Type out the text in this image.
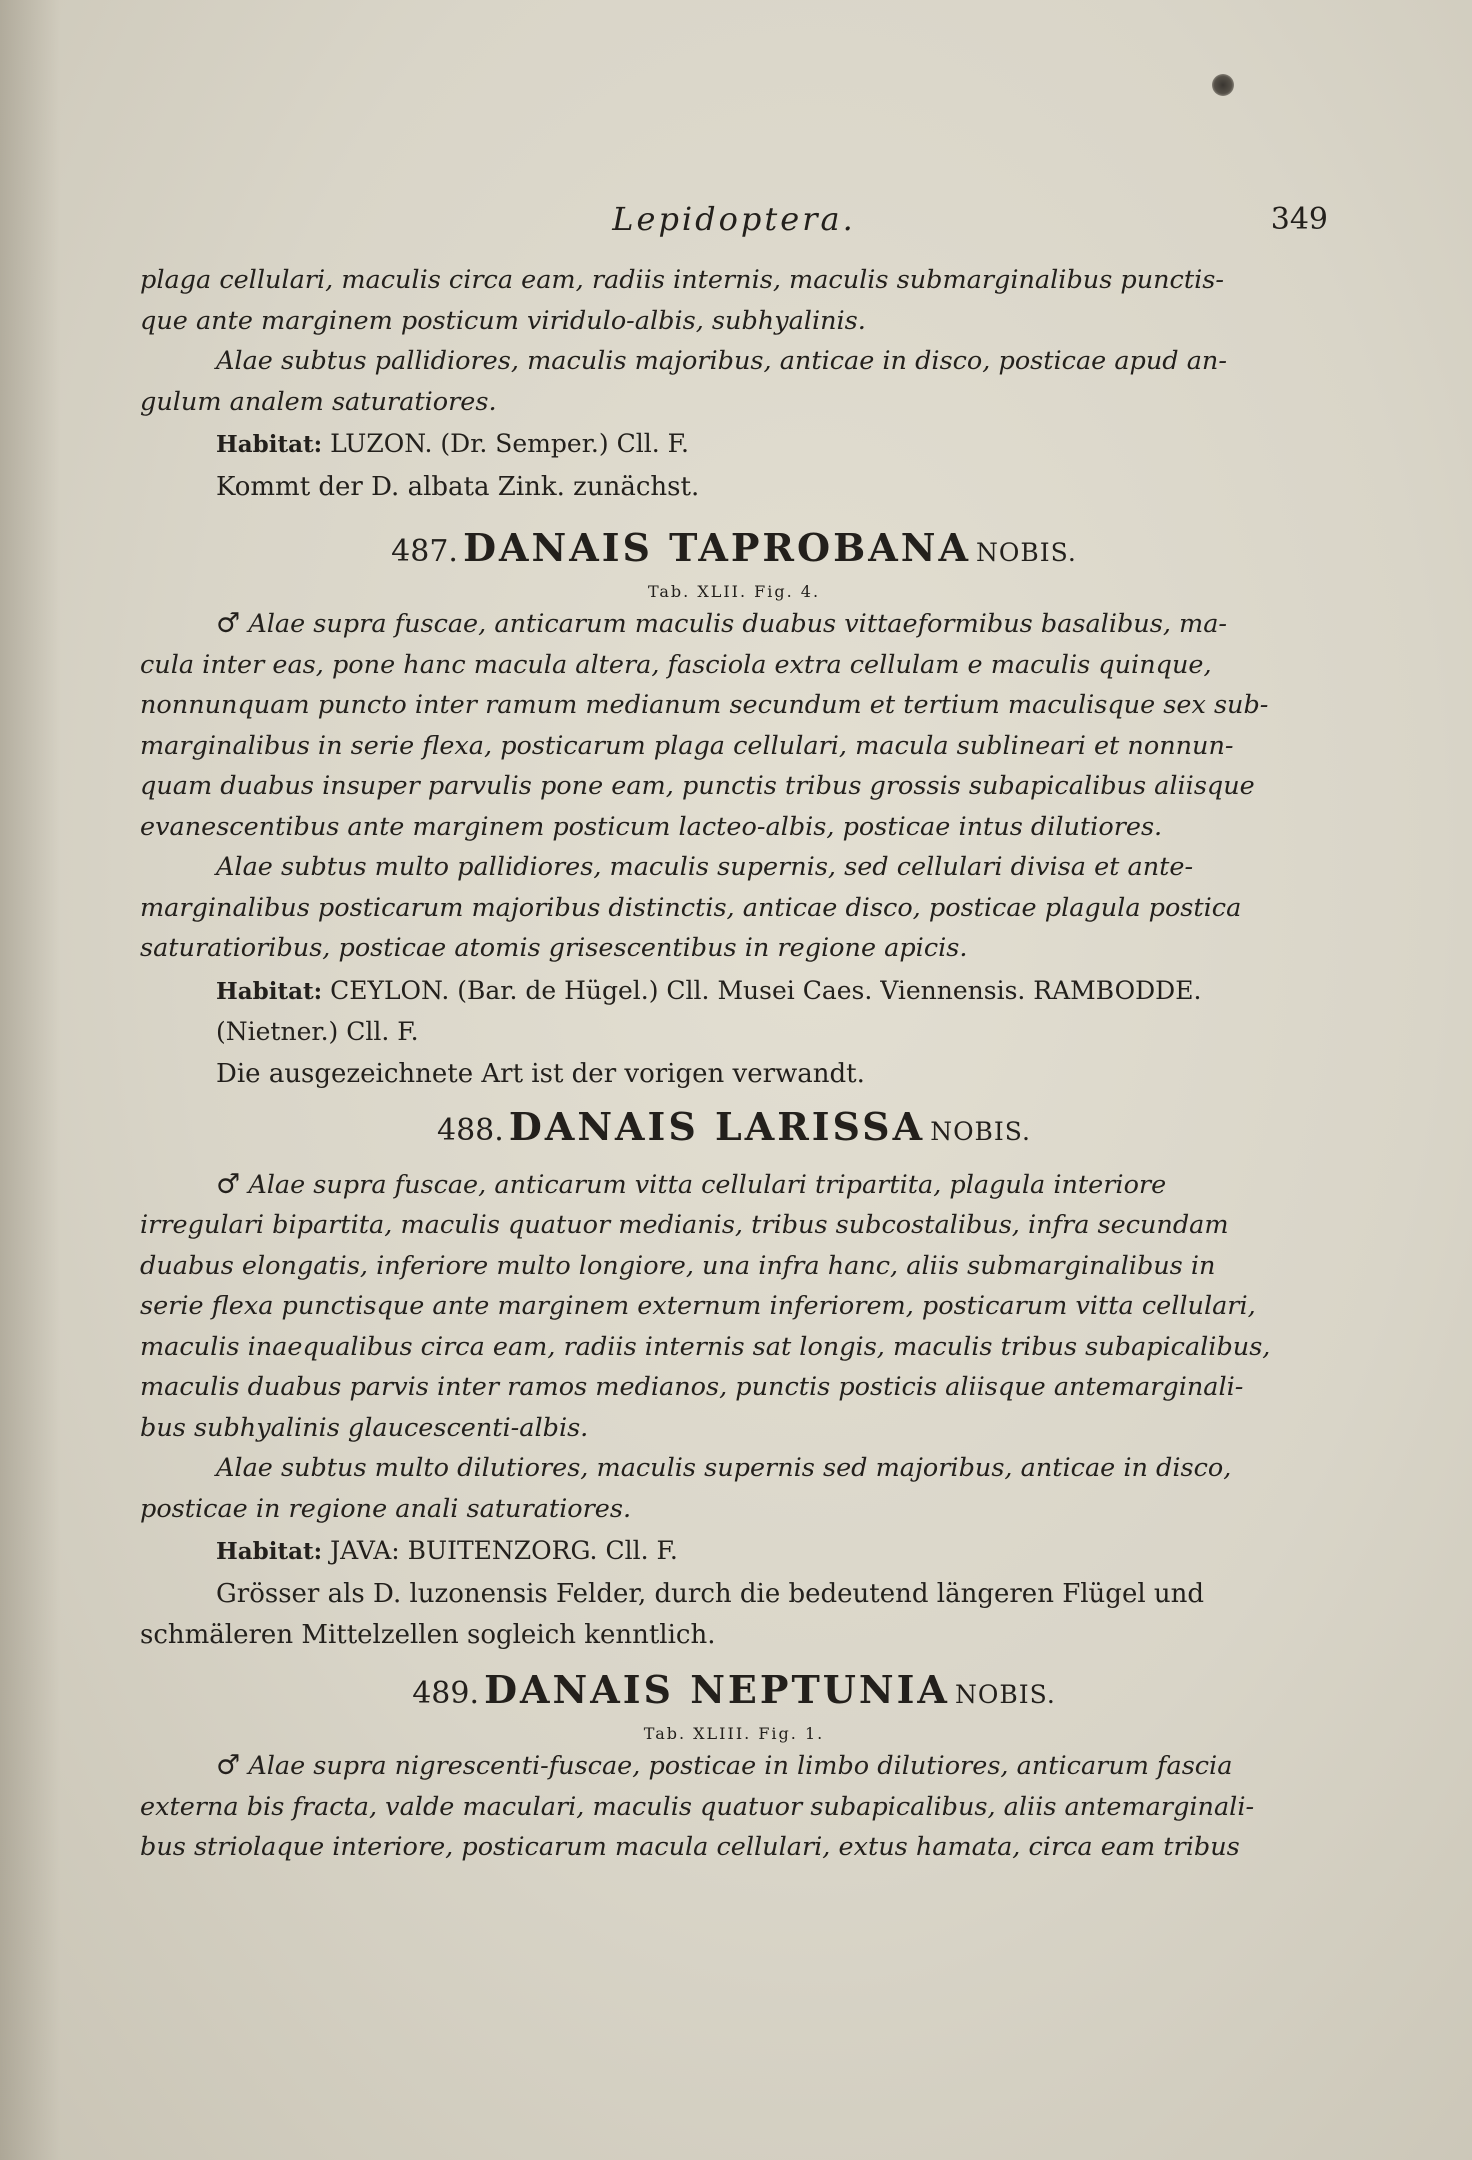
Lepidoptera.	349

plaga cellulari, maculis circa eam, radiis internis, maculis submarginalibus punctis-
que ante marginem posticum viridulo-albis, subhyalinis.

Alae subtus pallidiores, maculis majoribus, anticae in disco, posticae apud an-
gulum analem saturatiores.

Habitat: LUZON. (Dr. Semper.) Cll. F.

Kommt der D. albata Zink. zunächst.

487. DANAIS TAPROBANA NOBIS.
Tab. XLII. Fig. 4.

♂ Alae supra fuscae, anticarum maculis duabus vittaeformibus basalibus, ma-
cula inter eas, pone hanc macula altera, fasciola extra cellulam e maculis quinque,
nonnunquam puncto inter ramum medianum secundum et tertium maculisque sex sub-
marginalibus in serie flexa, posticarum plaga cellulari, macula sublineari et nonnun-
quam duabus insuper parvulis pone eam, punctis tribus grossis subapicalibus aliisque
evanescentibus ante marginem posticum lacteo-albis, posticae intus dilutiores.

Alae subtus multo pallidiores, maculis supernis, sed cellulari divisa et ante-
marginalibus posticarum majoribus distinctis, anticae disco, posticae plagula postica
saturatioribus, posticae atomis grisescentibus in regione apicis.

Habitat: CEYLON. (Bar. de Hügel.) Cll. Musei Caes. Viennensis. RAMBODDE.
(Nietner.) Cll. F.

Die ausgezeichnete Art ist der vorigen verwandt.

488. DANAIS LARISSA NOBIS.

♂ Alae supra fuscae, anticarum vitta cellulari tripartita, plagula interiore
irregulari bipartita, maculis quatuor medianis, tribus subcostalibus, infra secundam
duabus elongatis, inferiore multo longiore, una infra hanc, aliis submarginalibus in
serie flexa punctisque ante marginem externum inferiorem, posticarum vitta cellulari,
maculis inaequalibus circa eam, radiis internis sat longis, maculis tribus subapicalibus,
maculis duabus parvis inter ramos medianos, punctis posticis aliisque antemarginali-
bus subhyalinis glaucescenti-albis.

Alae subtus multo dilutiores, maculis supernis sed majoribus, anticae in disco,
posticae in regione anali saturatiores.

Habitat: JAVA: BUITENZORG. Cll. F.

Grösser als D. luzonensis Felder, durch die bedeutend längeren Flügel und
schmäleren Mittelzellen sogleich kenntlich.

489. DANAIS NEPTUNIA NOBIS.
Tab. XLIII. Fig. 1.

♂ Alae supra nigrescenti-fuscae, posticae in limbo dilutiores, anticarum fascia
externa bis fracta, valde maculari, maculis quatuor subapicalibus, aliis antemarginali-
bus striolaque interiore, posticarum macula cellulari, extus hamata, circa eam tribus
